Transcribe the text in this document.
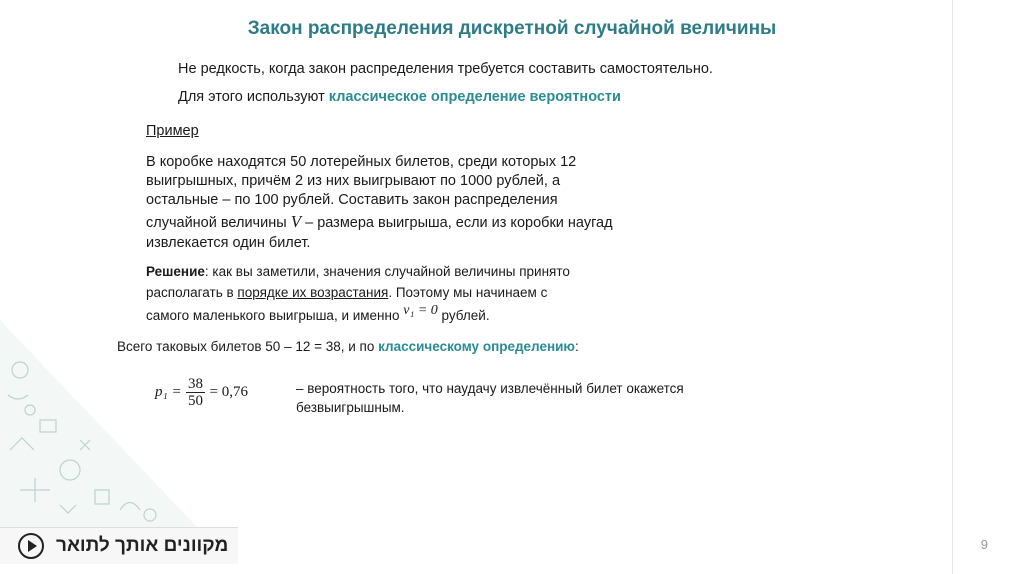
Закон распределения дискретной случайной величины
Не редкость, когда закон распределения требуется составить самостоятельно.
Для этого используют классическое определение вероятности
Пример
В коробке находятся 50 лотерейных билетов, среди которых 12
выигрышных, причём 2 из них выигрывают по 1000 рублей, а
остальные – по 100 рублей. Составить закон распределения
случайной величины V – размера выигрыша, если из коробки наугад
извлекается один билет.
Решение: как вы заметили, значения случайной величины принято
располагать в порядке их возрастания. Поэтому мы начинаем с
самого маленького выигрыша, и именно v₁ = 0 рублей.
Всего таковых билетов 50 – 12 = 38, и по классическому определению:
$p_1 = \frac{38}{50} = 0,76$	– вероятность того, что наудачу извлечённый билет окажется
безвыигрышным.
9
מקוונים אותך לתואר
